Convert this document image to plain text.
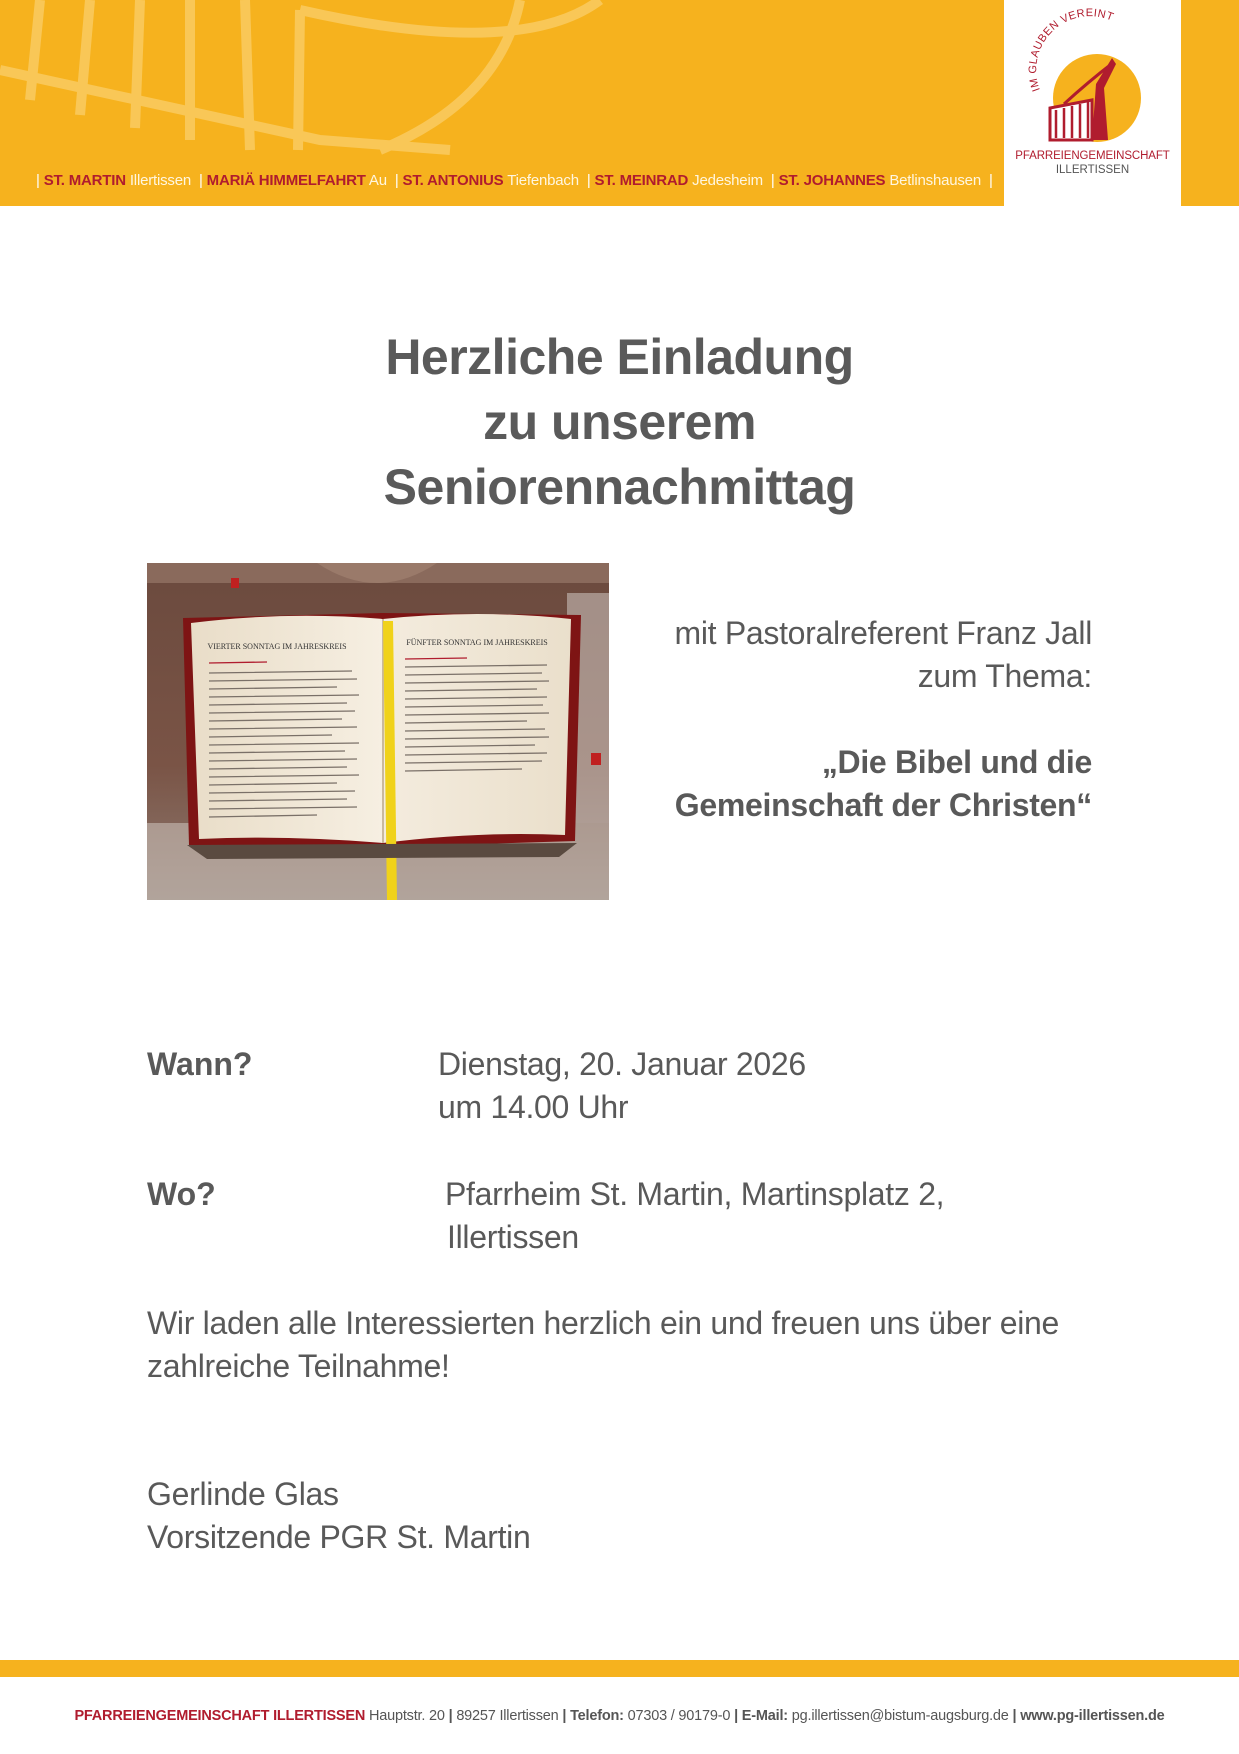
| ST. MARTIN Illertissen | MARIÄ HIMMELFAHRT Au | ST. ANTONIUS Tiefenbach | ST. MEINRAD Jedesheim | ST. JOHANNES Betlinshausen |
IM GLAUBEN VEREINT
PFARREIENGEMEINSCHAFT
ILLERTISSEN
Herzliche Einladung
zu unserem
Seniorennachmittag
VIERTER SONNTAG IM JAHRESKREIS	FÜNFTER SONNTAG IM JAHRESKREIS	mit Pastoralreferent Franz Jall
zum Thema:
„Die Bibel und die
Gemeinschaft der Christen“
Wann?	Dienstag, 20. Januar 2026
um 14.00 Uhr
Wo?	Pfarrheim St. Martin, Martinsplatz 2,
Illertissen
Wir laden alle Interessierten herzlich ein und freuen uns über eine zahlreiche Teilnahme!
Gerlinde Glas
Vorsitzende PGR St. Martin
PFARREIENGEMEINSCHAFT ILLERTISSEN Hauptstr. 20 | 89257 Illertissen | Telefon: 07303 / 90179-0 | E-Mail: pg.illertissen@bistum-augsburg.de | www.pg-illertissen.de
